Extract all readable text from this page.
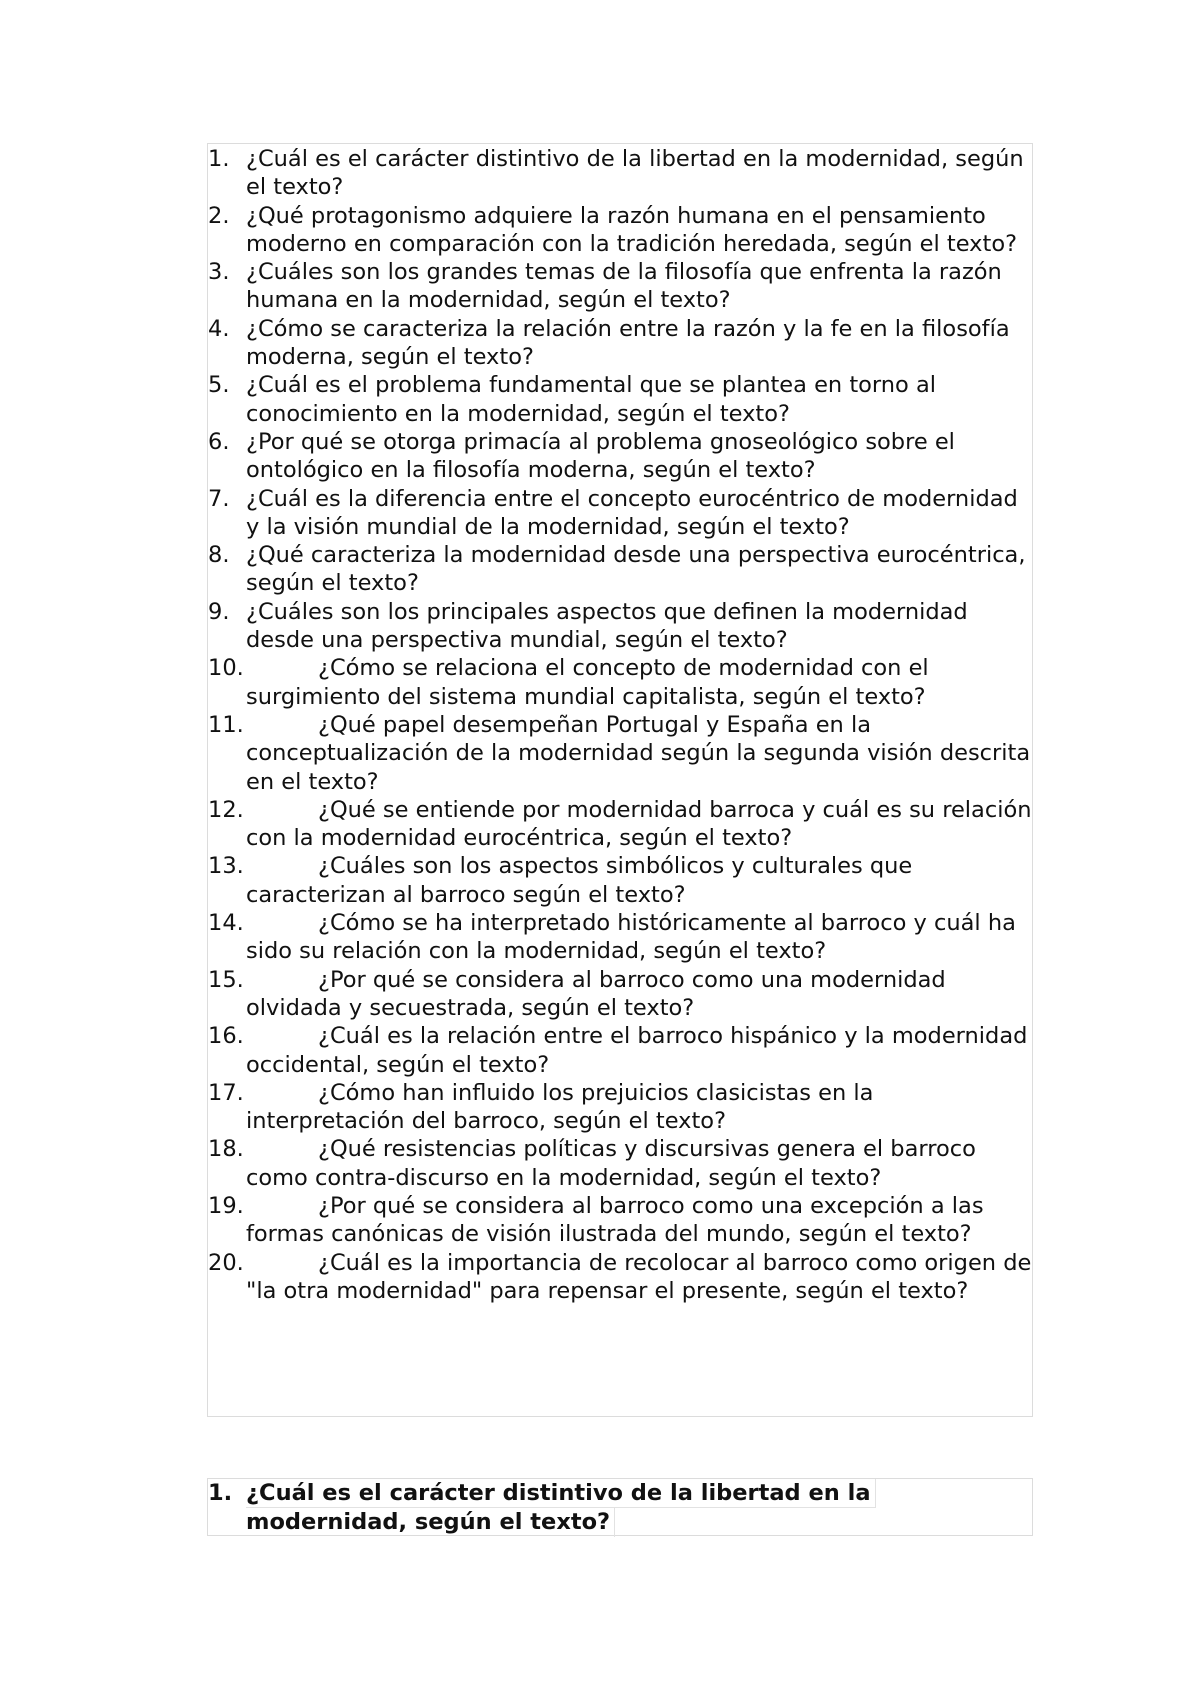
1. ¿Cuál es el carácter distintivo de la libertad en la modernidad, según el texto?
2. ¿Qué protagonismo adquiere la razón humana en el pensamiento moderno en comparación con la tradición heredada, según el texto?
3. ¿Cuáles son los grandes temas de la filosofía que enfrenta la razón humana en la modernidad, según el texto?
4. ¿Cómo se caracteriza la relación entre la razón y la fe en la filosofía moderna, según el texto?
5. ¿Cuál es el problema fundamental que se plantea en torno al conocimiento en la modernidad, según el texto?
6. ¿Por qué se otorga primacía al problema gnoseológico sobre el ontológico en la filosofía moderna, según el texto?
7. ¿Cuál es la diferencia entre el concepto eurocéntrico de modernidad y la visión mundial de la modernidad, según el texto?
8. ¿Qué caracteriza la modernidad desde una perspectiva eurocéntrica, según el texto?
9. ¿Cuáles son los principales aspectos que definen la modernidad desde una perspectiva mundial, según el texto?
10.	¿Cómo se relaciona el concepto de modernidad con el surgimiento del sistema mundial capitalista, según el texto?
11.	¿Qué papel desempeñan Portugal y España en la conceptualización de la modernidad según la segunda visión descrita en el texto?
12.	¿Qué se entiende por modernidad barroca y cuál es su relación con la modernidad eurocéntrica, según el texto?
13.	¿Cuáles son los aspectos simbólicos y culturales que caracterizan al barroco según el texto?
14.	¿Cómo se ha interpretado históricamente al barroco y cuál ha sido su relación con la modernidad, según el texto?
15.	¿Por qué se considera al barroco como una modernidad olvidada y secuestrada, según el texto?
16.	¿Cuál es la relación entre el barroco hispánico y la modernidad occidental, según el texto?
17.	¿Cómo han influido los prejuicios clasicistas en la interpretación del barroco, según el texto?
18.	¿Qué resistencias políticas y discursivas genera el barroco como contra-discurso en la modernidad, según el texto?
19.	¿Por qué se considera al barroco como una excepción a las formas canónicas de visión ilustrada del mundo, según el texto?
20.	¿Cuál es la importancia de recolocar al barroco como origen de "la otra modernidad" para repensar el presente, según el texto?
1. ¿Cuál es el carácter distintivo de la libertad en la
modernidad, según el texto?
